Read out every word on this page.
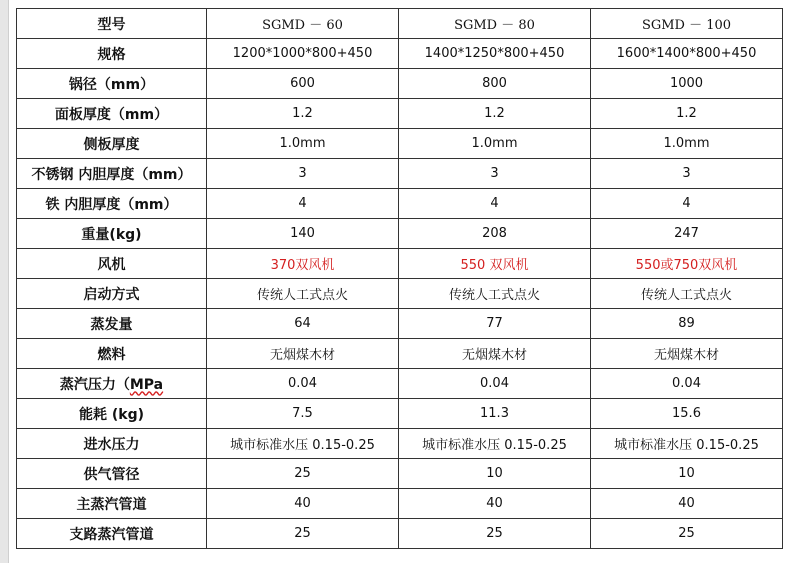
型号	SGMD － 60	SGMD － 80	SGMD － 100
规格	1200*1000*800+450	1400*1250*800+450	1600*1400*800+450
锅径（mm）	600	800	1000
面板厚度（mm）	1.2	1.2	1.2
侧板厚度	1.0mm	1.0mm	1.0mm
不锈钢 内胆厚度（mm）	3	3	3
铁 内胆厚度（mm）	4	4	4
重量(kg)	140	208	247
风机	370双风机	550 双风机	550或750双风机
启动方式	传统人工式点火	传统人工式点火	传统人工式点火
蒸发量	64	77	89
燃料	无烟煤木材	无烟煤木材	无烟煤木材
蒸汽压力（MPa	0.04	0.04	0.04
能耗 (kg)	7.5	11.3	15.6
进水压力	城市标准水压 0.15-0.25	城市标准水压 0.15-0.25	城市标准水压 0.15-0.25
供气管径	25	10	10
主蒸汽管道	40	40	40
支路蒸汽管道	25	25	25
